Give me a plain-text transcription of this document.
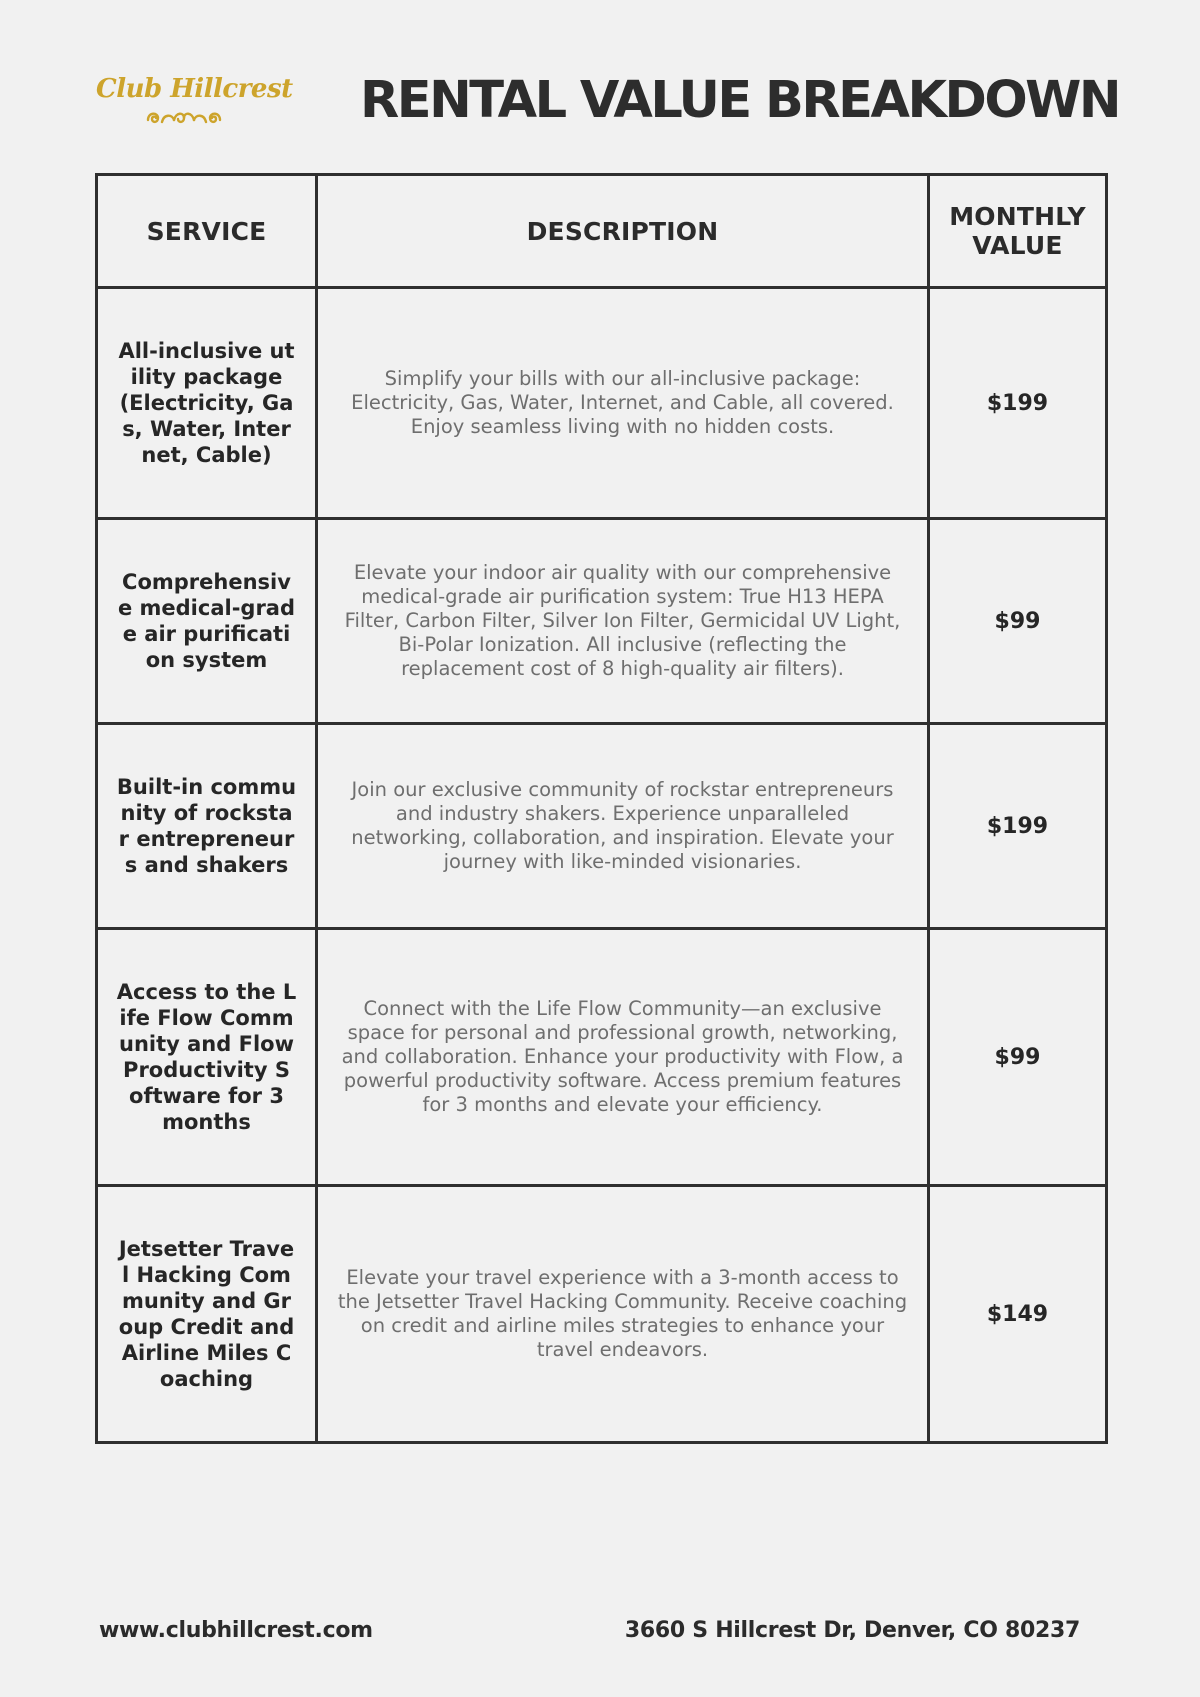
Club Hillcrest RENTAL VALUE BREAKDOWN
SERVICE	DESCRIPTION	MONTHLY
VALUE
All-inclusive utility package (Electricity, Gas, Water, Internet, Cable)	Simplify your bills with our all-inclusive package: Electricity, Gas, Water, Internet, and Cable, all covered. Enjoy seamless living with no hidden costs.	$199
Comprehensive medical-grade air purification system	Elevate your indoor air quality with our comprehensive medical-grade air purification system: True H13 HEPA Filter, Carbon Filter, Silver Ion Filter, Germicidal UV Light, Bi-Polar Ionization. All inclusive (reflecting the replacement cost of 8 high-quality air filters).	$99
Built-in community of rockstar entrepreneurs and shakers	Join our exclusive community of rockstar entrepreneurs and industry shakers. Experience unparalleled networking, collaboration, and inspiration. Elevate your journey with like-minded visionaries.	$199
Access to the Life Flow Community and Flow Productivity Software for 3 months	Connect with the Life Flow Community—an exclusive space for personal and professional growth, networking, and collaboration. Enhance your productivity with Flow, a powerful productivity software. Access premium features for 3 months and elevate your efficiency.	$99
Jetsetter Travel Hacking Community and Group Credit and Airline Miles Coaching	Elevate your travel experience with a 3-month access to the Jetsetter Travel Hacking Community. Receive coaching on credit and airline miles strategies to enhance your travel endeavors.	$149
www.clubhillcrest.com	3660 S Hillcrest Dr, Denver, CO 80237
